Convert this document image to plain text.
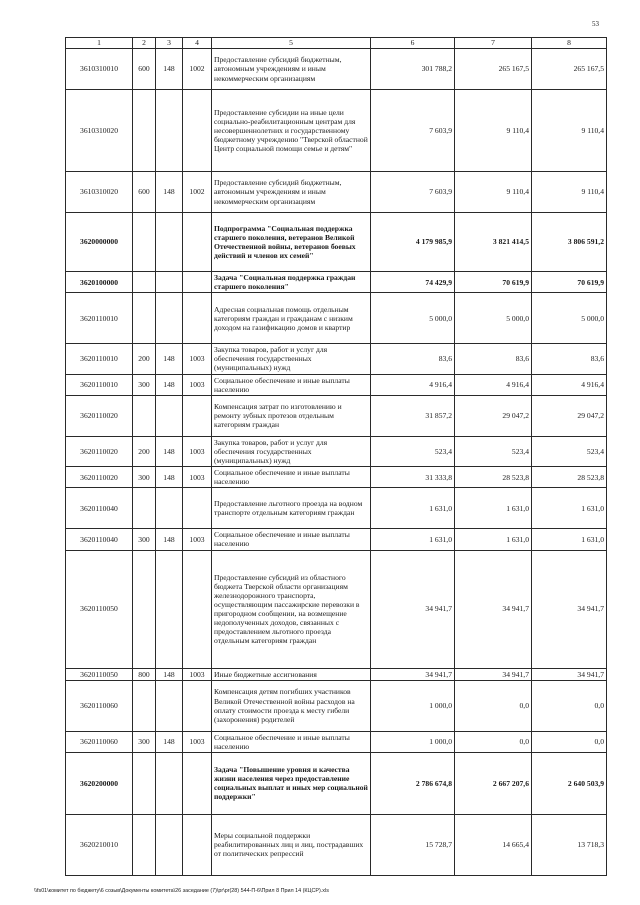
53
1	2	3	4	5	6	7	8
3610310010	600	148	1002	Предоставление субсидий бюджетным, автономным учреждениям и иным некоммерческим организациям	301 788,2	265 167,5	265 167,5
3610310020				Предоставление субсидии на иные цели социально-реабилитационным центрам для несовершеннолетних и государственному бюджетному учреждению "Тверской областной Центр социальной помощи семье и детям"	7 603,9	9 110,4	9 110,4
3610310020	600	148	1002	Предоставление субсидий бюджетным, автономным учреждениям и иным некоммерческим организациям	7 603,9	9 110,4	9 110,4
3620000000				Подпрограмма "Социальная поддержка старшего поколения, ветеранов Великой Отечественной войны, ветеранов боевых действий и членов их семей"	4 179 985,9	3 821 414,5	3 806 591,2
3620100000				Задача "Социальная поддержка граждан старшего поколения"	74 429,9	70 619,9	70 619,9
3620110010				Адресная социальная помощь отдельным категориям граждан и гражданам с низким доходом на газификацию домов и квартир	5 000,0	5 000,0	5 000,0
3620110010	200	148	1003	Закупка товаров, работ и услуг для обеспечения государственных (муниципальных) нужд	83,6	83,6	83,6
3620110010	300	148	1003	Социальное обеспечение и иные выплаты населению	4 916,4	4 916,4	4 916,4
3620110020				Компенсация затрат по изготовлению и ремонту зубных протезов отдельным категориям граждан	31 857,2	29 047,2	29 047,2
3620110020	200	148	1003	Закупка товаров, работ и услуг для обеспечения государственных (муниципальных) нужд	523,4	523,4	523,4
3620110020	300	148	1003	Социальное обеспечение и иные выплаты населению	31 333,8	28 523,8	28 523,8
3620110040				Предоставление льготного проезда на водном транспорте отдельным категориям граждан	1 631,0	1 631,0	1 631,0
3620110040	300	148	1003	Социальное обеспечение и иные выплаты населению	1 631,0	1 631,0	1 631,0
3620110050				Предоставление субсидий из областного бюджета Тверской области организациям железнодорожного транспорта, осуществляющим пассажирские перевозки в пригородном сообщении, на возмещение недополученных доходов, связанных с предоставлением льготного проезда отдельным категориям граждан	34 941,7	34 941,7	34 941,7
3620110050	800	148	1003	Иные бюджетные ассигнования	34 941,7	34 941,7	34 941,7
3620110060				Компенсация детям погибших участников Великой Отечественной войны расходов на оплату стоимости проезда к месту гибели (захоронения) родителей	1 000,0	0,0	0,0
3620110060	300	148	1003	Социальное обеспечение и иные выплаты населению	1 000,0	0,0	0,0
3620200000				Задача "Повышение уровня и качества жизни населения через предоставление социальных выплат и иных мер социальной поддержки"	2 786 674,8	2 667 207,6	2 640 503,9
3620210010				Меры социальной поддержки реабилитированных лиц и лиц, пострадавших от политических репрессий	15 728,7	14 665,4	13 718,3
\\fs01\комитет по бюджету\6 созыв\Документы комитета\26 заседание (7)\pr\pr(28) 544-П-6\Прил 8 Прил 14 (КЦСР).xls
